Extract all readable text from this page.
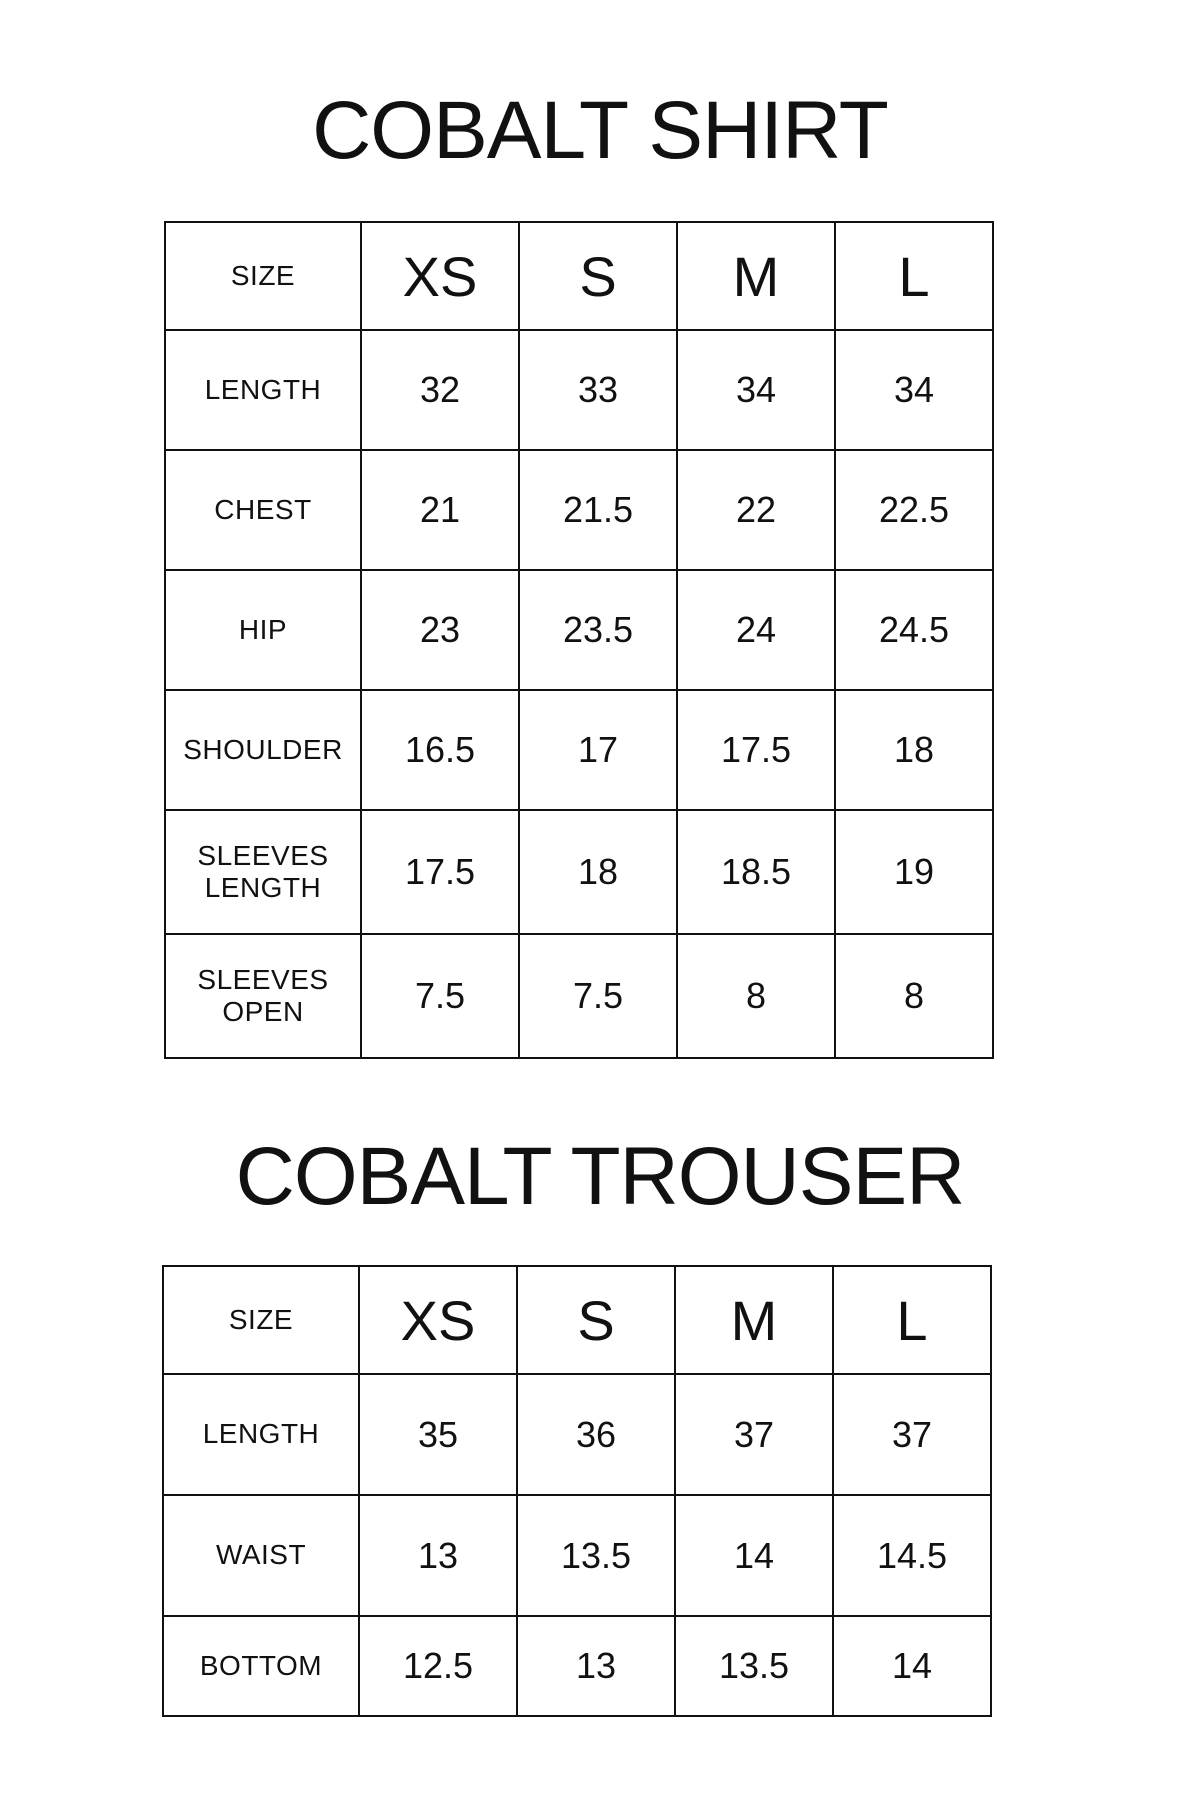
COBALT SHIRT
SIZE	XS	S	M	L
LENGTH	32	33	34	34
CHEST	21	21.5	22	22.5
HIP	23	23.5	24	24.5
SHOULDER	16.5	17	17.5	18
SLEEVES LENGTH	17.5	18	18.5	19
SLEEVES OPEN	7.5	7.5	8	8
COBALT TROUSER
SIZE	XS	S	M	L
LENGTH	35	36	37	37
WAIST	13	13.5	14	14.5
BOTTOM	12.5	13	13.5	14
